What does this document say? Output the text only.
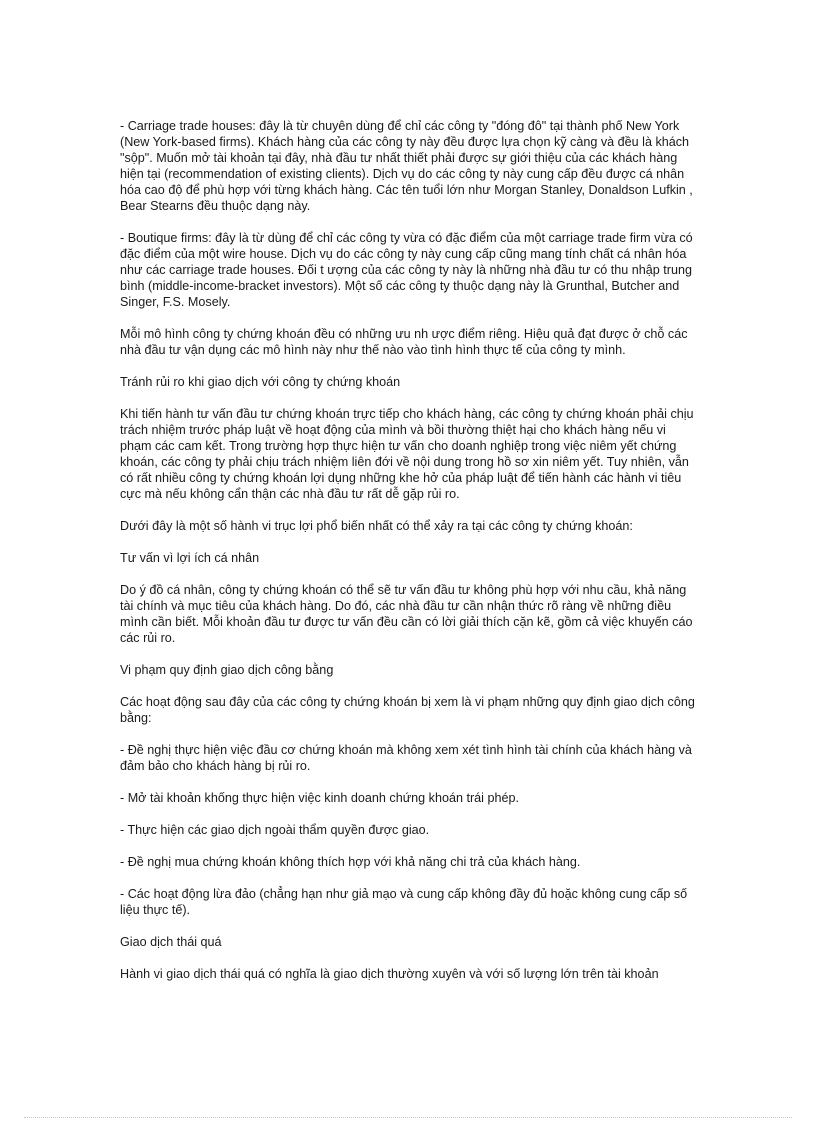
- Carriage trade houses: đây là từ chuyên dùng để chỉ các công ty "đóng đô" tại thành phố New York (New York-based firms). Khách hàng của các công ty này đều được lựa chọn kỹ càng và đều là khách "sộp". Muốn mở tài khoản tại đây, nhà đầu tư nhất thiết phải được sự giới thiệu của các khách hàng hiện tại (recommendation of existing clients). Dịch vụ do các công ty này cung cấp đều được cá nhân hóa cao độ để phù hợp với từng khách hàng. Các tên tuổi lớn như Morgan Stanley, Donaldson Lufkin , Bear Stearns đều thuộc dạng này.

- Boutique firms: đây là từ dùng để chỉ các công ty vừa có đặc điểm của một carriage trade firm vừa có đặc điểm của một wire house. Dịch vụ do các công ty này cung cấp cũng mang tính chất cá nhân hóa như các carriage trade houses. Đối t ượng của các công ty này là những nhà đầu tư có thu nhập trung bình (middle-income-bracket investors). Một số các công ty thuộc dạng này là Grunthal, Butcher and Singer, F.S. Mosely.

Mỗi mô hình công ty chứng khoán đều có những ưu nh ược điểm riêng. Hiệu quả đạt được ở chỗ các nhà đầu tư vận dụng các mô hình này như thế nào vào tình hình thực tế của công ty mình.

Tránh rủi ro khi giao dịch với công ty chứng khoán

Khi tiến hành tư vấn đầu tư chứng khoán trực tiếp cho khách hàng, các công ty chứng khoán phải chịu trách nhiệm trước pháp luật về hoạt động của mình và bồi thường thiệt hại cho khách hàng nếu vi phạm các cam kết. Trong trường hợp thực hiện tư vấn cho doanh nghiệp trong việc niêm yết chứng khoán, các công ty phải chịu trách nhiệm liên đới về nội dung trong hồ sơ xin niêm yết. Tuy nhiên, vẫn có rất nhiều công ty chứng khoán lợi dụng những khe hở của pháp luật để tiến hành các hành vi tiêu cực mà nếu không cẩn thận các nhà đầu tư rất dễ gặp rủi ro.

Dưới đây là một số hành vi trục lợi phổ biến nhất có thể xảy ra tại các công ty chứng khoán:

Tư vấn vì lợi ích cá nhân

Do ý đồ cá nhân, công ty chứng khoán có thể sẽ tư vấn đầu tư không phù hợp với nhu cầu, khả năng tài chính và mục tiêu của khách hàng. Do đó, các nhà đầu tư cần nhận thức rõ ràng về những điều mình cần biết. Mỗi khoản đầu tư được tư vấn đều cần có lời giải thích cặn kẽ, gồm cả việc khuyến cáo các rủi ro.

Vi phạm quy định giao dịch công bằng

Các hoạt động sau đây của các công ty chứng khoán bị xem là vi phạm những quy định giao dịch công bằng:

- Đề nghị thực hiện việc đầu cơ chứng khoán mà không xem xét tình hình tài chính của khách hàng và đảm bảo cho khách hàng bị rủi ro.

- Mở tài khoản khống thực hiện việc kinh doanh chứng khoán trái phép.

- Thực hiện các giao dịch ngoài thẩm quyền được giao.

- Đề nghị mua chứng khoán không thích hợp với khả năng chi trả của khách hàng.

- Các hoạt động lừa đảo (chẳng hạn như giả mạo và cung cấp không đầy đủ hoặc không cung cấp số liệu thực tế).

Giao dịch thái quá

Hành vi giao dịch thái quá có nghĩa là giao dịch thường xuyên và với số lượng lớn trên tài khoản
